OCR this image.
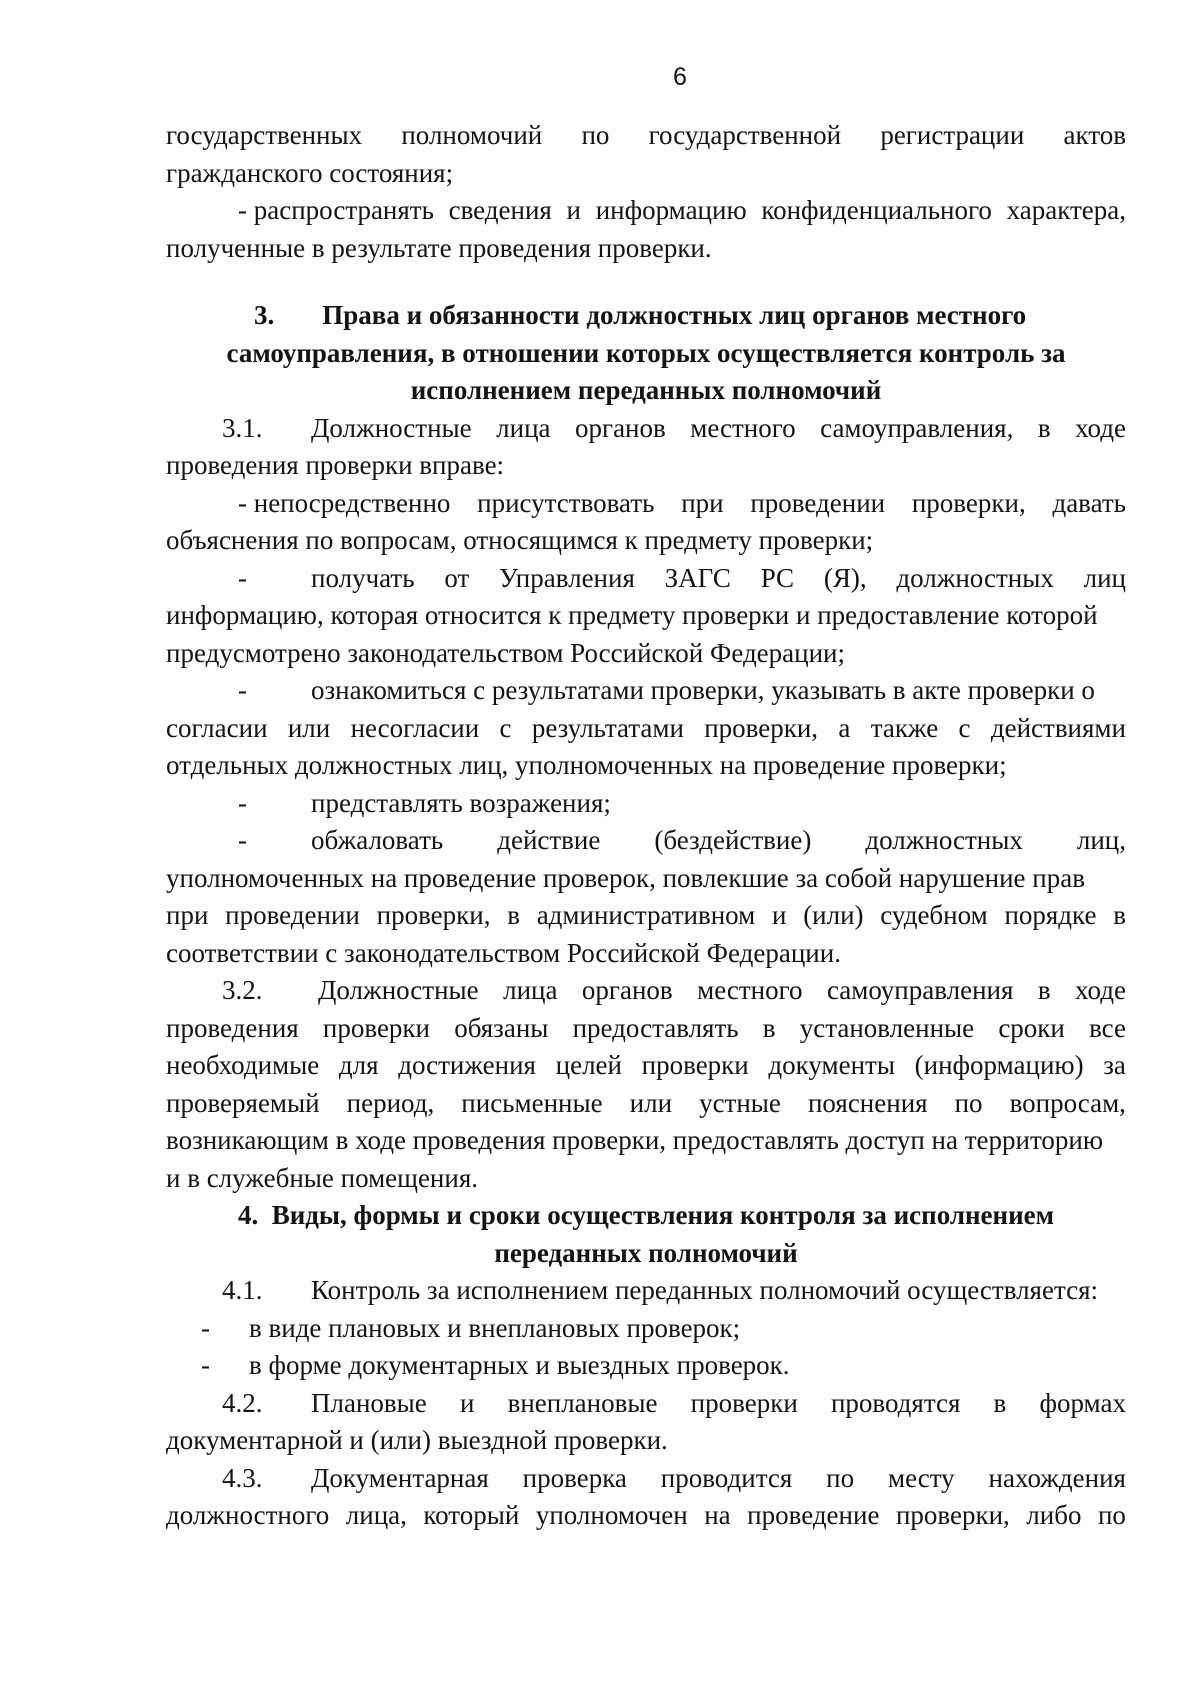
6
государственных полномочий по государственной регистрации актов
гражданского состояния;
- распространять сведения и информацию конфиденциального характера,
полученные в результате проведения проверки.
3. Права и обязанности должностных лиц органов местного
самоуправления, в отношении которых осуществляется контроль за
исполнением переданных полномочий
3.1.	Должностные лица органов местного самоуправления, в ходе
проведения проверки вправе:
- непосредственно присутствовать при проведении проверки, давать
объяснения по вопросам, относящимся к предмету проверки;
-	получать от Управления ЗАГС РС (Я), должностных лиц
информацию, которая относится к предмету проверки и предоставление которой
предусмотрено законодательством Российской Федерации;
-	ознакомиться с результатами проверки, указывать в акте проверки о
согласии или несогласии с результатами проверки, а также с действиями
отдельных должностных лиц, уполномоченных на проведение проверки;
-	представлять возражения;
-	обжаловать действие (бездействие) должностных лиц,
уполномоченных на проведение проверок, повлекшие за собой нарушение прав
при проведении проверки, в административном и (или) судебном порядке в
соответствии с законодательством Российской Федерации.
3.2.	Должностные лица органов местного самоуправления в ходе
проведения проверки обязаны предоставлять в установленные сроки все
необходимые для достижения целей проверки документы (информацию) за
проверяемый период, письменные или устные пояснения по вопросам,
возникающим в ходе проведения проверки, предоставлять доступ на территорию
и в служебные помещения.
4.  Виды, формы и сроки осуществления контроля за исполнением
переданных полномочий
4.1.	Контроль за исполнением переданных полномочий осуществляется:
-	в виде плановых и внеплановых проверок;
-	в форме документарных и выездных проверок.
4.2.	Плановые и внеплановые проверки проводятся в формах
документарной и (или) выездной проверки.
4.3.	Документарная проверка проводится по месту нахождения
должностного лица, который уполномочен на проведение проверки, либо по
